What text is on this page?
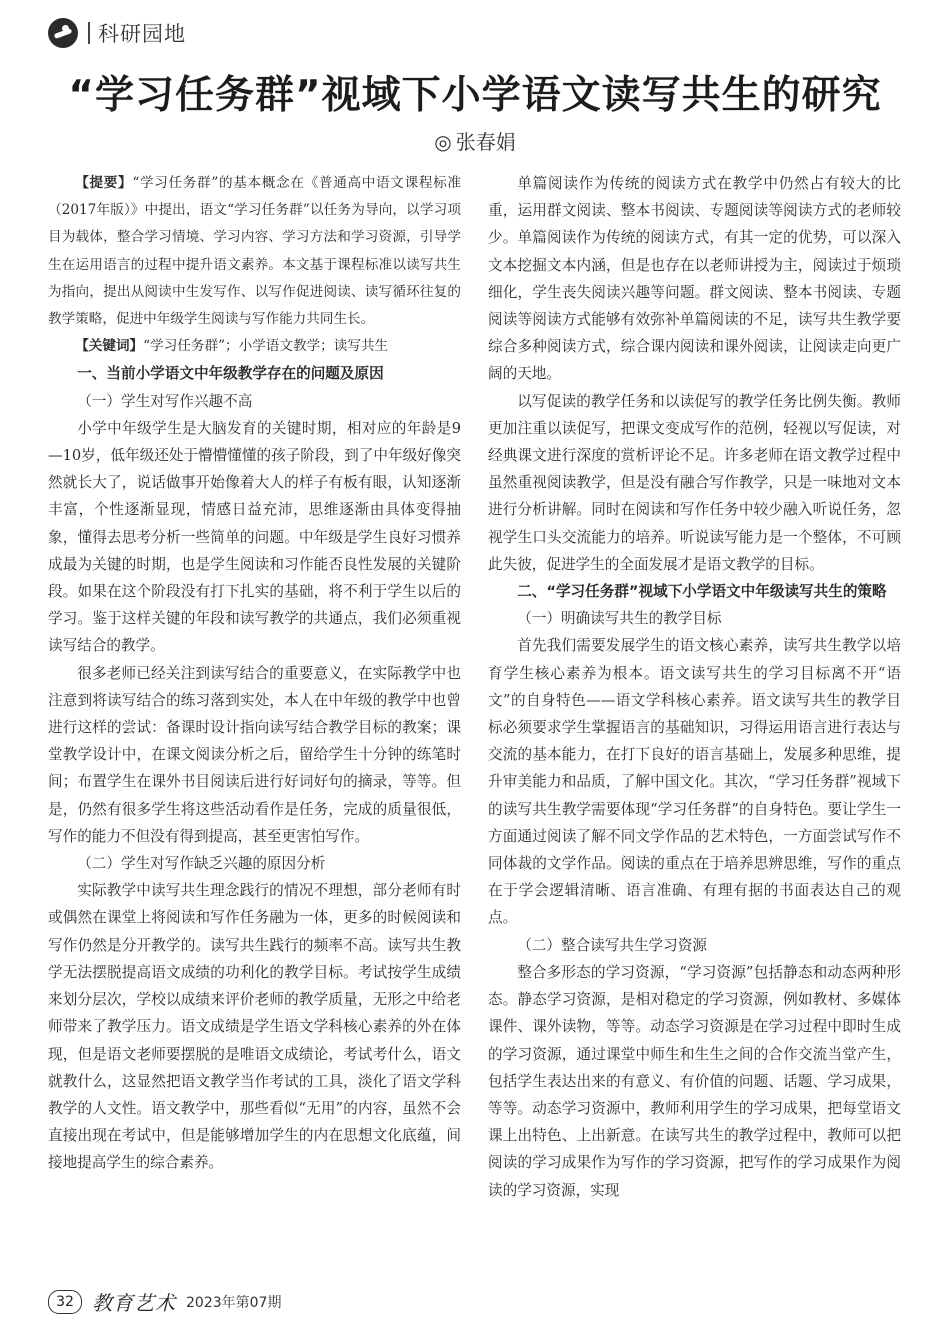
科研园地
“学习任务群”视域下小学语文读写共生的研究
◎ 张春娟

【提要】“学习任务群”的基本概念在《普通高中语文课程标准（2017年版）》中提出，语文“学习任务群”以任务为导向，以学习项目为载体，整合学习情境、学习内容、学习方法和学习资源，引导学生在运用语言的过程中提升语文素养。本文基于课程标准以读写共生为指向，提出从阅读中生发写作、以写作促进阅读、读写循环往复的教学策略，促进中年级学生阅读与写作能力共同生长。

【关键词】“学习任务群”；小学语文教学；读写共生

一、当前小学语文中年级教学存在的问题及原因
（一）学生对写作兴趣不高

小学中年级学生是大脑发育的关键时期，相对应的年龄是9—10岁，低年级还处于懵懵懂懂的孩子阶段，到了中年级好像突然就长大了，说话做事开始像着大人的样子有板有眼，认知逐渐丰富，个性逐渐显现，情感日益充沛，思维逐渐由具体变得抽象，懂得去思考分析一些简单的问题。中年级是学生良好习惯养成最为关键的时期，也是学生阅读和习作能否良性发展的关键阶段。如果在这个阶段没有打下扎实的基础，将不利于学生以后的学习。鉴于这样关键的年段和读写教学的共通点，我们必须重视读写结合的教学。

很多老师已经关注到读写结合的重要意义，在实际教学中也注意到将读写结合的练习落到实处，本人在中年级的教学中也曾进行这样的尝试：备课时设计指向读写结合教学目标的教案；课堂教学设计中，在课文阅读分析之后，留给学生十分钟的练笔时间；布置学生在课外书目阅读后进行好词好句的摘录，等等。但是，仍然有很多学生将这些活动看作是任务，完成的质量很低，写作的能力不但没有得到提高，甚至更害怕写作。

（二）学生对写作缺乏兴趣的原因分析

实际教学中读写共生理念践行的情况不理想，部分老师有时或偶然在课堂上将阅读和写作任务融为一体，更多的时候阅读和写作仍然是分开教学的。读写共生践行的频率不高。读写共生教学无法摆脱提高语文成绩的功利化的教学目标。考试按学生成绩来划分层次，学校以成绩来评价老师的教学质量，无形之中给老师带来了教学压力。语文成绩是学生语文学科核心素养的外在体现，但是语文老师要摆脱的是唯语文成绩论，考试考什么，语文就教什么，这显然把语文教学当作考试的工具，淡化了语文学科教学的人文性。语文教学中，那些看似“无用”的内容，虽然不会直接出现在考试中，但是能够增加学生的内在思想文化底蕴，间接地提高学生的综合素养。

单篇阅读作为传统的阅读方式在教学中仍然占有较大的比重，运用群文阅读、整本书阅读、专题阅读等阅读方式的老师较少。单篇阅读作为传统的阅读方式，有其一定的优势，可以深入文本挖掘文本内涵，但是也存在以老师讲授为主，阅读过于烦琐细化，学生丧失阅读兴趣等问题。群文阅读、整本书阅读、专题阅读等阅读方式能够有效弥补单篇阅读的不足，读写共生教学要综合多种阅读方式，综合课内阅读和课外阅读，让阅读走向更广阔的天地。

以写促读的教学任务和以读促写的教学任务比例失衡。教师更加注重以读促写，把课文变成写作的范例，轻视以写促读，对经典课文进行深度的赏析评论不足。许多老师在语文教学过程中虽然重视阅读教学，但是没有融合写作教学，只是一味地对文本进行分析讲解。同时在阅读和写作任务中较少融入听说任务，忽视学生口头交流能力的培养。听说读写能力是一个整体，不可顾此失彼，促进学生的全面发展才是语文教学的目标。

二、“学习任务群”视域下小学语文中年级读写共生的策略
（一）明确读写共生的教学目标

首先我们需要发展学生的语文核心素养，读写共生教学以培育学生核心素养为根本。语文读写共生的学习目标离不开“语文”的自身特色——语文学科核心素养。语文读写共生的教学目标必须要求学生掌握语言的基础知识，习得运用语言进行表达与交流的基本能力，在打下良好的语言基础上，发展多种思维，提升审美能力和品质，了解中国文化。其次，“学习任务群”视域下的读写共生教学需要体现“学习任务群”的自身特色。要让学生一方面通过阅读了解不同文学作品的艺术特色，一方面尝试写作不同体裁的文学作品。阅读的重点在于培养思辨思维，写作的重点在于学会逻辑清晰、语言准确、有理有据的书面表达自己的观点。

（二）整合读写共生学习资源

整合多形态的学习资源，“学习资源”包括静态和动态两种形态。静态学习资源，是相对稳定的学习资源，例如教材、多媒体课件、课外读物，等等。动态学习资源是在学习过程中即时生成的学习资源，通过课堂中师生和生生之间的合作交流当堂产生，包括学生表达出来的有意义、有价值的问题、话题、学习成果，等等。动态学习资源中，教师利用学生的学习成果，把每堂语文课上出特色、上出新意。在读写共生的教学过程中，教师可以把阅读的学习成果作为写作的学习资源，把写作的学习成果作为阅读的学习资源，实现

32 教育艺术 2023年第07期
